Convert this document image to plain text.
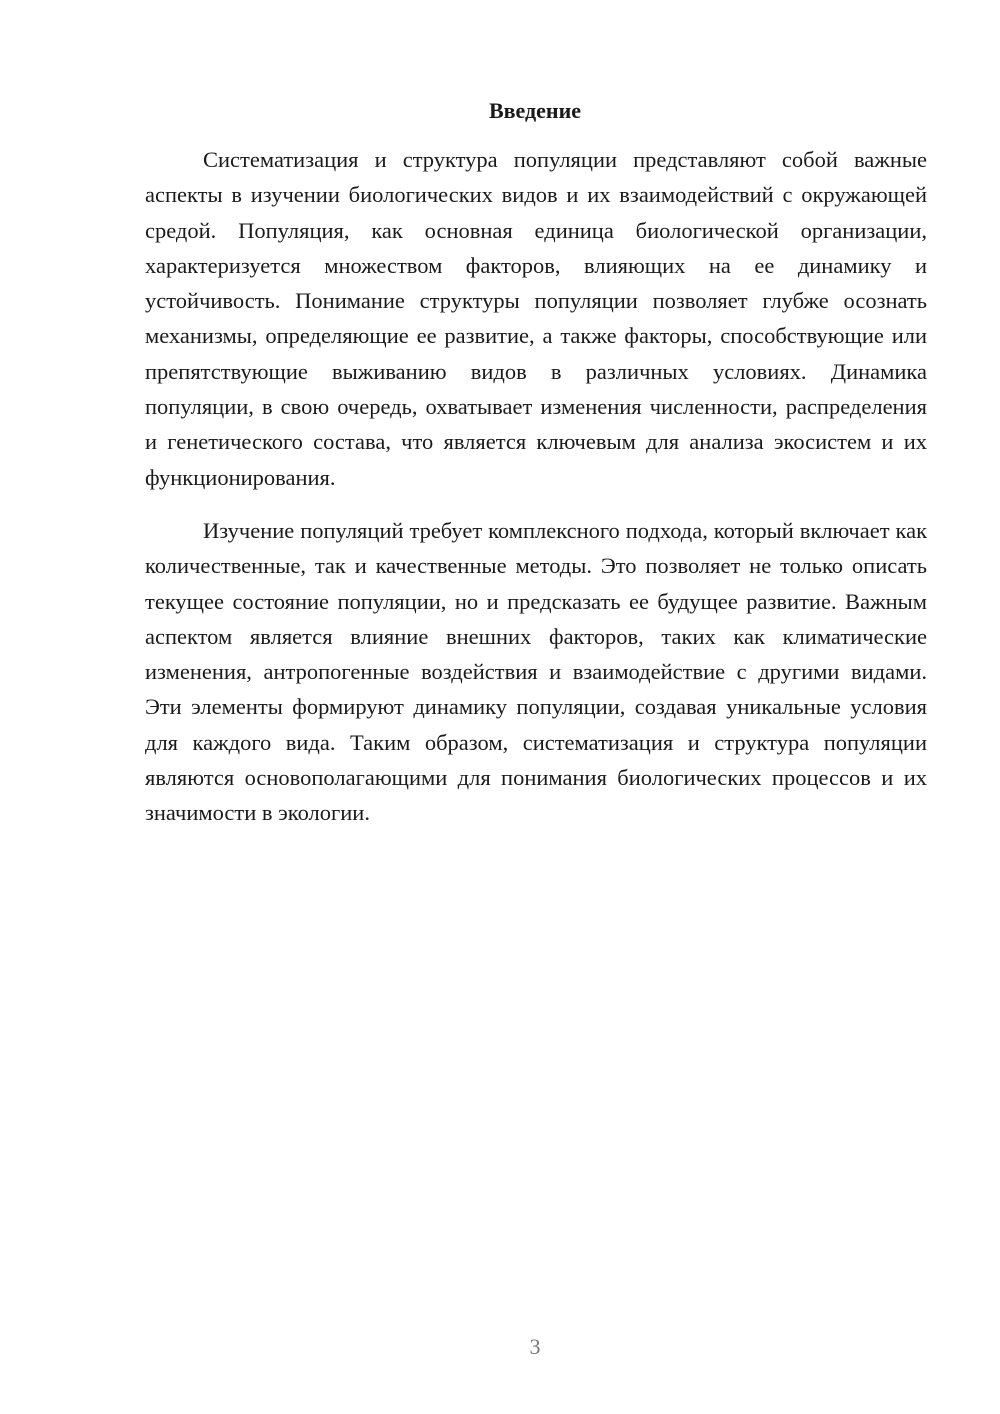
Введение

Систематизация и структура популяции представляют собой важные аспекты в изучении биологических видов и их взаимодействий с окружающей средой. Популяция, как основная единица биологической организации, характеризуется множеством факторов, влияющих на ее динамику и устойчивость. Понимание структуры популяции позволяет глубже осознать механизмы, определяющие ее развитие, а также факторы, способствующие или препятствующие выживанию видов в различных условиях. Динамика популяции, в свою очередь, охватывает изменения численности, распределения и генетического состава, что является ключевым для анализа экосистем и их функционирования.

Изучение популяций требует комплексного подхода, который включает как количественные, так и качественные методы. Это позволяет не только описать текущее состояние популяции, но и предсказать ее будущее развитие. Важным аспектом является влияние внешних факторов, таких как климатические изменения, антропогенные воздействия и взаимодействие с другими видами. Эти элементы формируют динамику популяции, создавая уникальные условия для каждого вида. Таким образом, систематизация и структура популяции являются основополагающими для понимания биологических процессов и их значимости в экологии.

3
